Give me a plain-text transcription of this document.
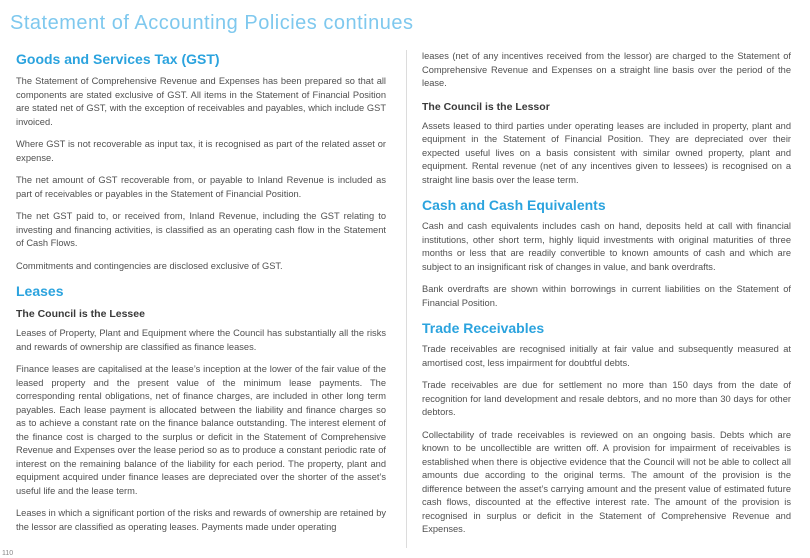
Statement of Accounting Policies continues
Goods and Services Tax (GST)

The Statement of Comprehensive Revenue and Expenses has been prepared so that all components are stated exclusive of GST. All items in the Statement of Financial Position are stated net of GST, with the exception of receivables and payables, which include GST invoiced.

Where GST is not recoverable as input tax, it is recognised as part of the related asset or expense.

The net amount of GST recoverable from, or payable to Inland Revenue is included as part of receivables or payables in the Statement of Financial Position.

The net GST paid to, or received from, Inland Revenue, including the GST relating to investing and financing activities, is classified as an operating cash flow in the Statement of Cash Flows.

Commitments and contingencies are disclosed exclusive of GST.

Leases
The Council is the Lessee

Leases of Property, Plant and Equipment where the Council has substantially all the risks and rewards of ownership are classified as finance leases.

Finance leases are capitalised at the lease’s inception at the lower of the fair value of the leased property and the present value of the minimum lease payments. The corresponding rental obligations, net of finance charges, are included in other long term payables. Each lease payment is allocated between the liability and finance charges so as to achieve a constant rate on the finance balance outstanding. The interest element of the finance cost is charged to the surplus or deficit in the Statement of Comprehensive Revenue and Expenses over the lease period so as to produce a constant periodic rate of interest on the remaining balance of the liability for each period. The property, plant and equipment acquired under finance leases are depreciated over the shorter of the asset’s useful life and the lease term.

Leases in which a significant portion of the risks and rewards of ownership are retained by the lessor are classified as operating leases. Payments made under operating

leases (net of any incentives received from the lessor) are charged to the Statement of Comprehensive Revenue and Expenses on a straight line basis over the period of the lease.

The Council is the Lessor

Assets leased to third parties under operating leases are included in property, plant and equipment in the Statement of Financial Position. They are depreciated over their expected useful lives on a basis consistent with similar owned property, plant and equipment. Rental revenue (net of any incentives given to lessees) is recognised on a straight line basis over the lease term.

Cash and Cash Equivalents

Cash and cash equivalents includes cash on hand, deposits held at call with financial institutions, other short term, highly liquid investments with original maturities of three months or less that are readily convertible to known amounts of cash and which are subject to an insignificant risk of changes in value, and bank overdrafts.

Bank overdrafts are shown within borrowings in current liabilities on the Statement of Financial Position.

Trade Receivables

Trade receivables are recognised initially at fair value and subsequently measured at amortised cost, less impairment for doubtful debts.

Trade receivables are due for settlement no more than 150 days from the date of recognition for land development and resale debtors, and no more than 30 days for other debtors.

Collectability of trade receivables is reviewed on an ongoing basis. Debts which are known to be uncollectible are written off. A provision for impairment of receivables is established when there is objective evidence that the Council will not be able to collect all amounts due according to the original terms. The amount of the provision is the difference between the asset’s carrying amount and the present value of estimated future cash flows, discounted at the effective interest rate. The amount of the provision is recognised in surplus or deficit in the Statement of Comprehensive Revenue and Expenses.

110
